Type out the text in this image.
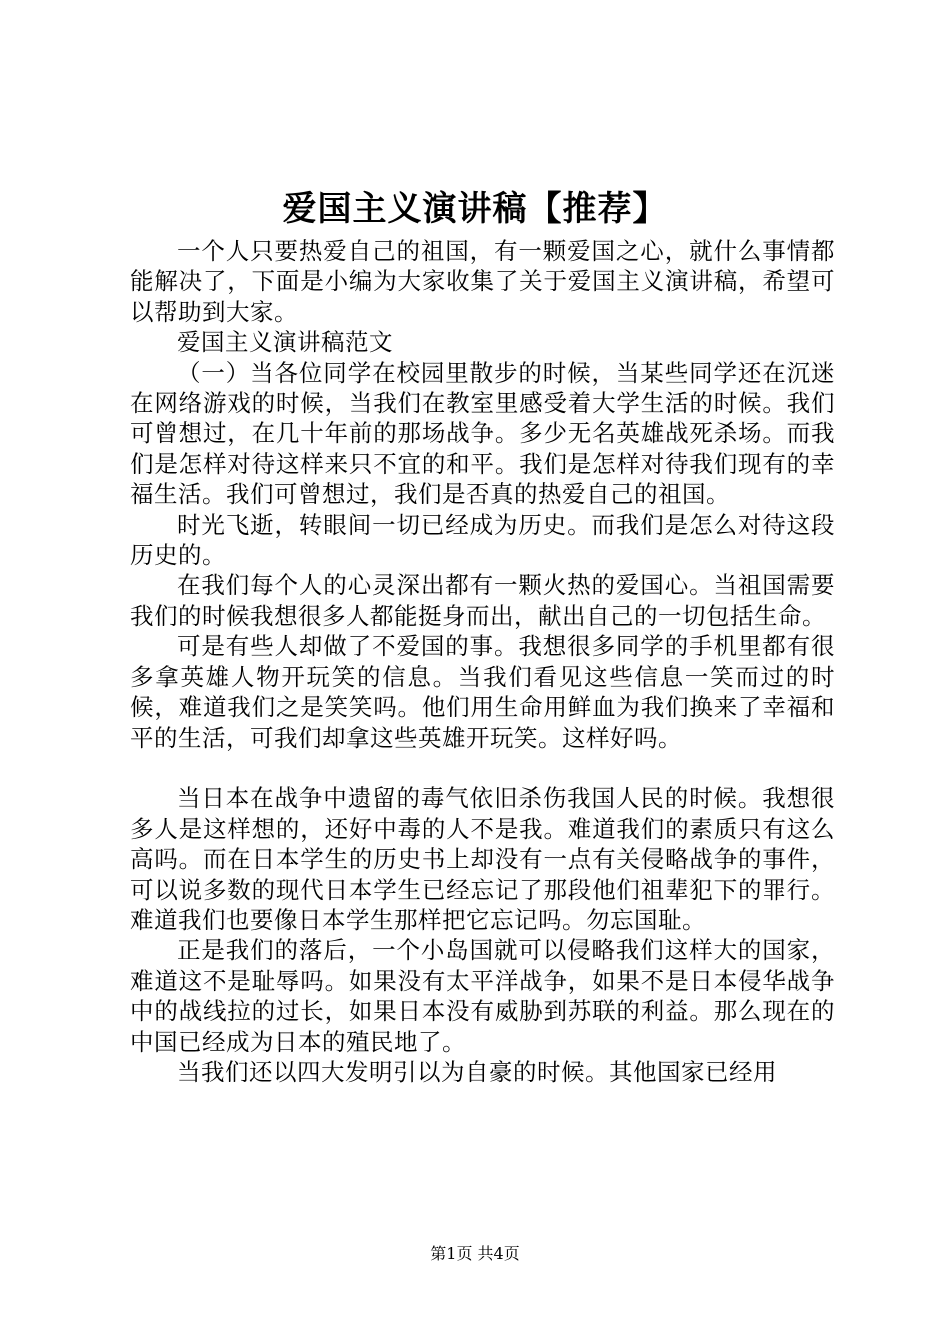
爱国主义演讲稿【推荐】

一个人只要热爱自己的祖国，有一颗爱国之心，就什么事情都能解决了，下面是小编为大家收集了关于爱国主义演讲稿，希望可以帮助到大家。

爱国主义演讲稿范文

（一）当各位同学在校园里散步的时候，当某些同学还在沉迷在网络游戏的时候，当我们在教室里感受着大学生活的时候。我们可曾想过，在几十年前的那场战争。多少无名英雄战死杀场。而我们是怎样对待这样来只不宜的和平。我们是怎样对待我们现有的幸福生活。我们可曾想过，我们是否真的热爱自己的祖国。

时光飞逝，转眼间一切已经成为历史。而我们是怎么对待这段历史的。

在我们每个人的心灵深出都有一颗火热的爱国心。当祖国需要我们的时候我想很多人都能挺身而出，献出自己的一切包括生命。

可是有些人却做了不爱国的事。我想很多同学的手机里都有很多拿英雄人物开玩笑的信息。当我们看见这些信息一笑而过的时候，难道我们之是笑笑吗。他们用生命用鲜血为我们换来了幸福和平的生活，可我们却拿这些英雄开玩笑。这样好吗。

当日本在战争中遗留的毒气依旧杀伤我国人民的时候。我想很多人是这样想的，还好中毒的人不是我。难道我们的素质只有这么高吗。而在日本学生的历史书上却没有一点有关侵略战争的事件，可以说多数的现代日本学生已经忘记了那段他们祖辈犯下的罪行。难道我们也要像日本学生那样把它忘记吗。勿忘国耻。

正是我们的落后，一个小岛国就可以侵略我们这样大的国家，难道这不是耻辱吗。如果没有太平洋战争，如果不是日本侵华战争中的战线拉的过长，如果日本没有威胁到苏联的利益。那么现在的中国已经成为日本的殖民地了。

当我们还以四大发明引以为自豪的时候。其他国家已经用

第1页 共4页
